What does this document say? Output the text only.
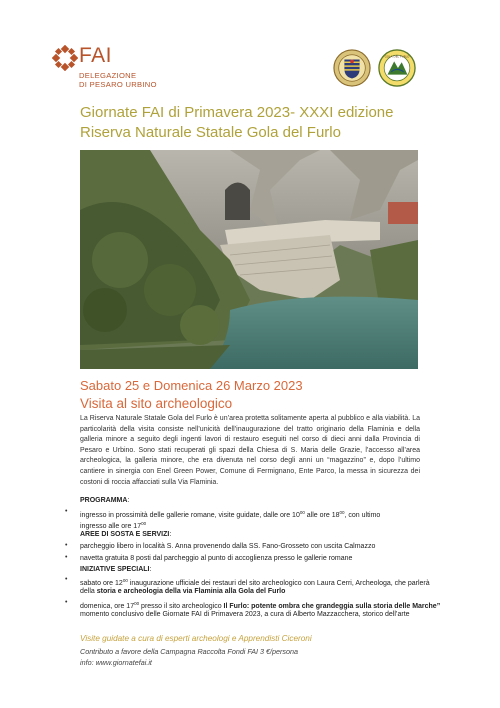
FAI
DELEGAZIONE
DI PESARO URBINO
GOLA DEL FURLO
Giornate FAI di Primavera 2023- XXXI edizione
Riserva Naturale Statale Gola del Furlo
Sabato 25 e Domenica 26 Marzo 2023
Visita al sito archeologico

La Riserva Naturale Statale Gola del Furlo è un’area protetta solitamente aperta al pubblico e alla viabilità. La particolarità della visita consiste nell’unicità dell’inaugurazione del tratto originario della Flaminia e della galleria minore a seguito degli ingenti lavori di restauro eseguiti nel corso di dieci anni dalla Provincia di Pesaro e Urbino. Sono stati recuperati gli spazi della Chiesa di S. Maria delle Grazie, l’accesso all’area archeologica, la galleria minore, che era divenuta nel corso degli anni un “magazzino” e, dopo l’ultimo cantiere in sinergia con Enel Green Power, Comune di Fermignano, Ente Parco, la messa in sicurezza dei costoni di roccia affacciati sulla Via Flaminia.

PROGRAMMA:
•
ingresso in prossimità delle gallerie romane, visite guidate, dalle ore $10^{00}$ alle ore $18^{00}$, con ultimo
ingresso alle ore $17^{00}$
AREE DI SOSTA E SERVIZI:
• parcheggio libero in località S. Anna provenendo dalla SS. Fano-Grosseto con uscita Calmazzo
• navetta gratuita 8 posti dal parcheggio al punto di accoglienza presso le gallerie romane
INIZIATIVE SPECIALI:
•
sabato ore $12^{00}$ inaugurazione ufficiale dei restauri del sito archeologico con Laura Cerri, Archeologa, che parlerà
della storia e archeologia della via Flaminia alla Gola del Furlo
•
domenica, ore $17^{00}$ presso il sito archeologico Il Furlo: potente ombra che grandeggia sulla storia delle Marche”
momento conclusivo delle Giornate FAI di Primavera 2023, a cura di Alberto Mazzacchera, storico dell’arte
Visite guidate a cura di esperti archeologi e Apprendisti Ciceroni
Contributo a favore della Campagna Raccolta Fondi FAI 3 €/persona
info: www.giornatefai.it
